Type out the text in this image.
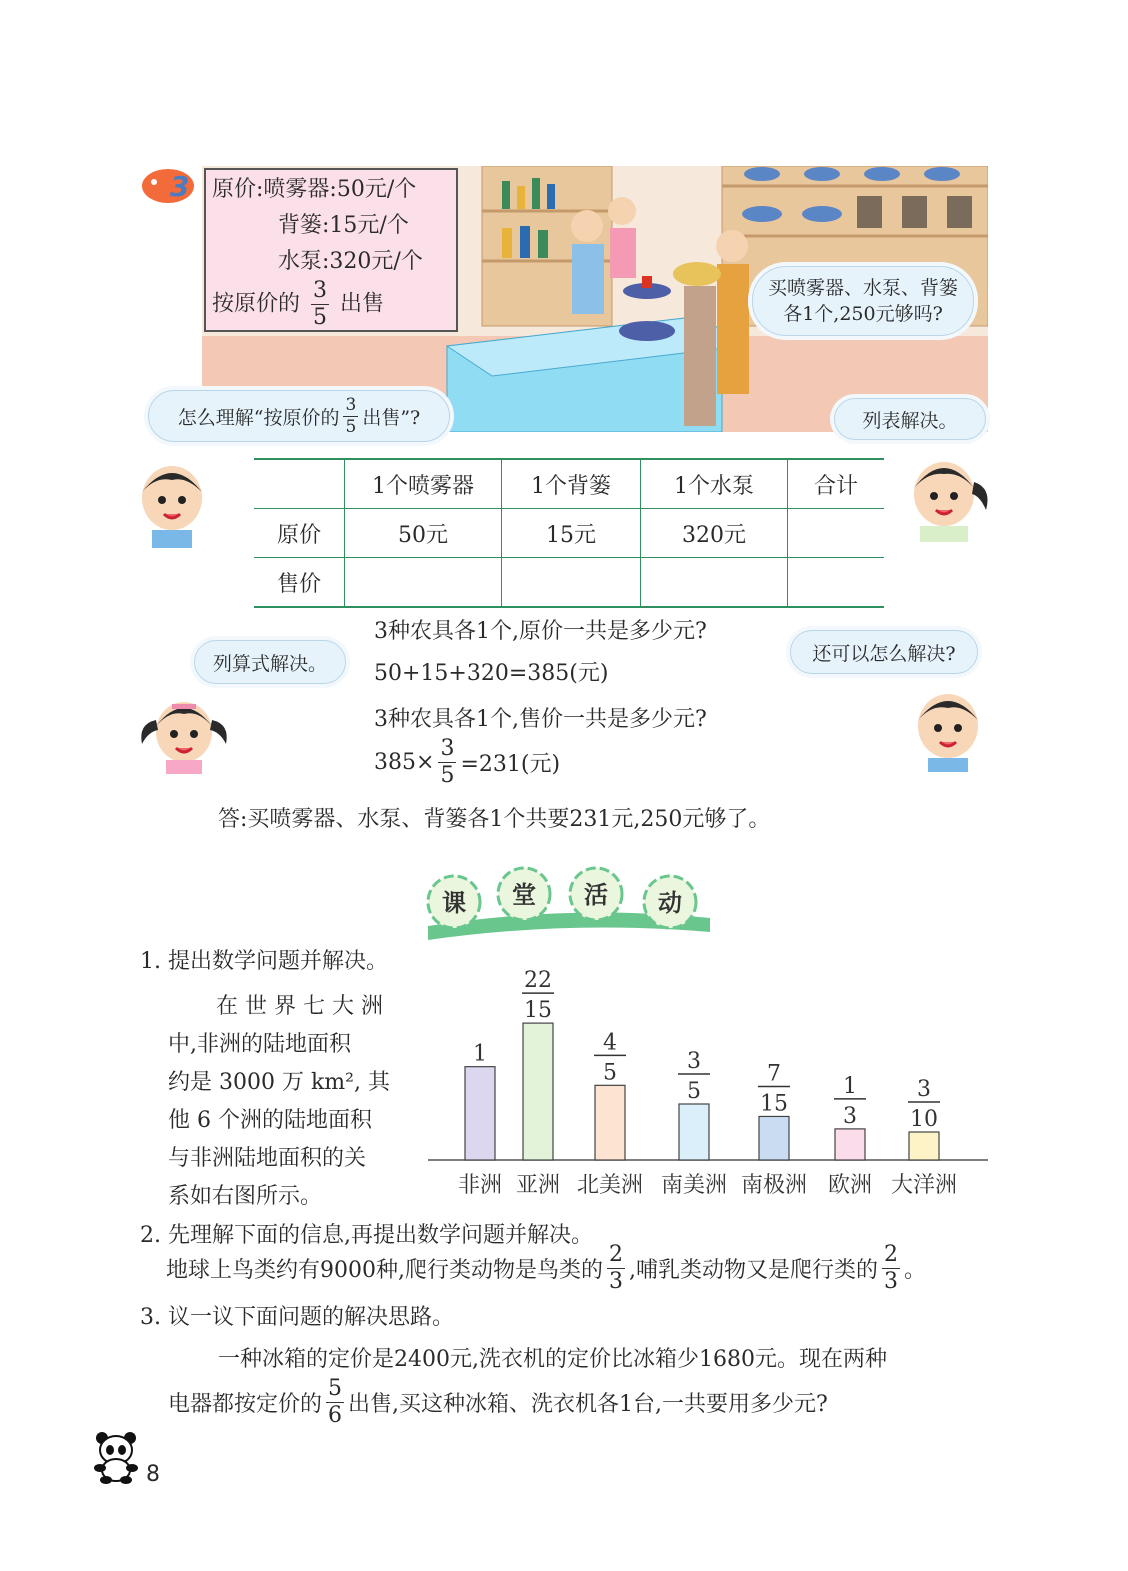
3 原价:喷雾器:50元/个
背篓:15元/个
水泵:320元/个
按原价的 $\frac{3}{5}$ 出售
买喷雾器、水泵、背篓各1个,250元够吗?
怎么理解“按原价的 $\frac{3}{5}$ 出售”?	列表解决。
	1个喷雾器	1个背篓	1个水泵	合计
原价	50元	15元	320元	
售价				
列算式解决。	还可以怎么解决?
3种农具各1个,原价一共是多少元?
50+15+320=385(元)
3种农具各1个,售价一共是多少元?
$385\times \frac{3}{5} =231$(元)
答:买喷雾器、水泵、背篓各1个共要231元,250元够了。
课 堂 活 动
1. 提出数学问题并解决。
在 世 界 七 大 洲
中,非洲的陆地面积
约是 3000 万 km², 其
他 6 个洲的陆地面积
与非洲陆地面积的关
系如右图所示。
1
非洲
22
15
亚洲
4
5
北美洲
3
5
南美洲
7
15
南极洲
1
3
欧洲
3
10
大洋洲
2. 先理解下面的信息,再提出数学问题并解决。
地球上鸟类约有9000种,爬行类动物是鸟类的 $\frac{2}{3}$ ,哺乳类动物又是爬行类的 $\frac{2}{3}$ 。
3. 议一议下面问题的解决思路。
一种冰箱的定价是2400元,洗衣机的定价比冰箱少1680元。现在两种
电器都按定价的 $\frac{5}{6}$ 出售,买这种冰箱、洗衣机各1台,一共要用多少元?
8
